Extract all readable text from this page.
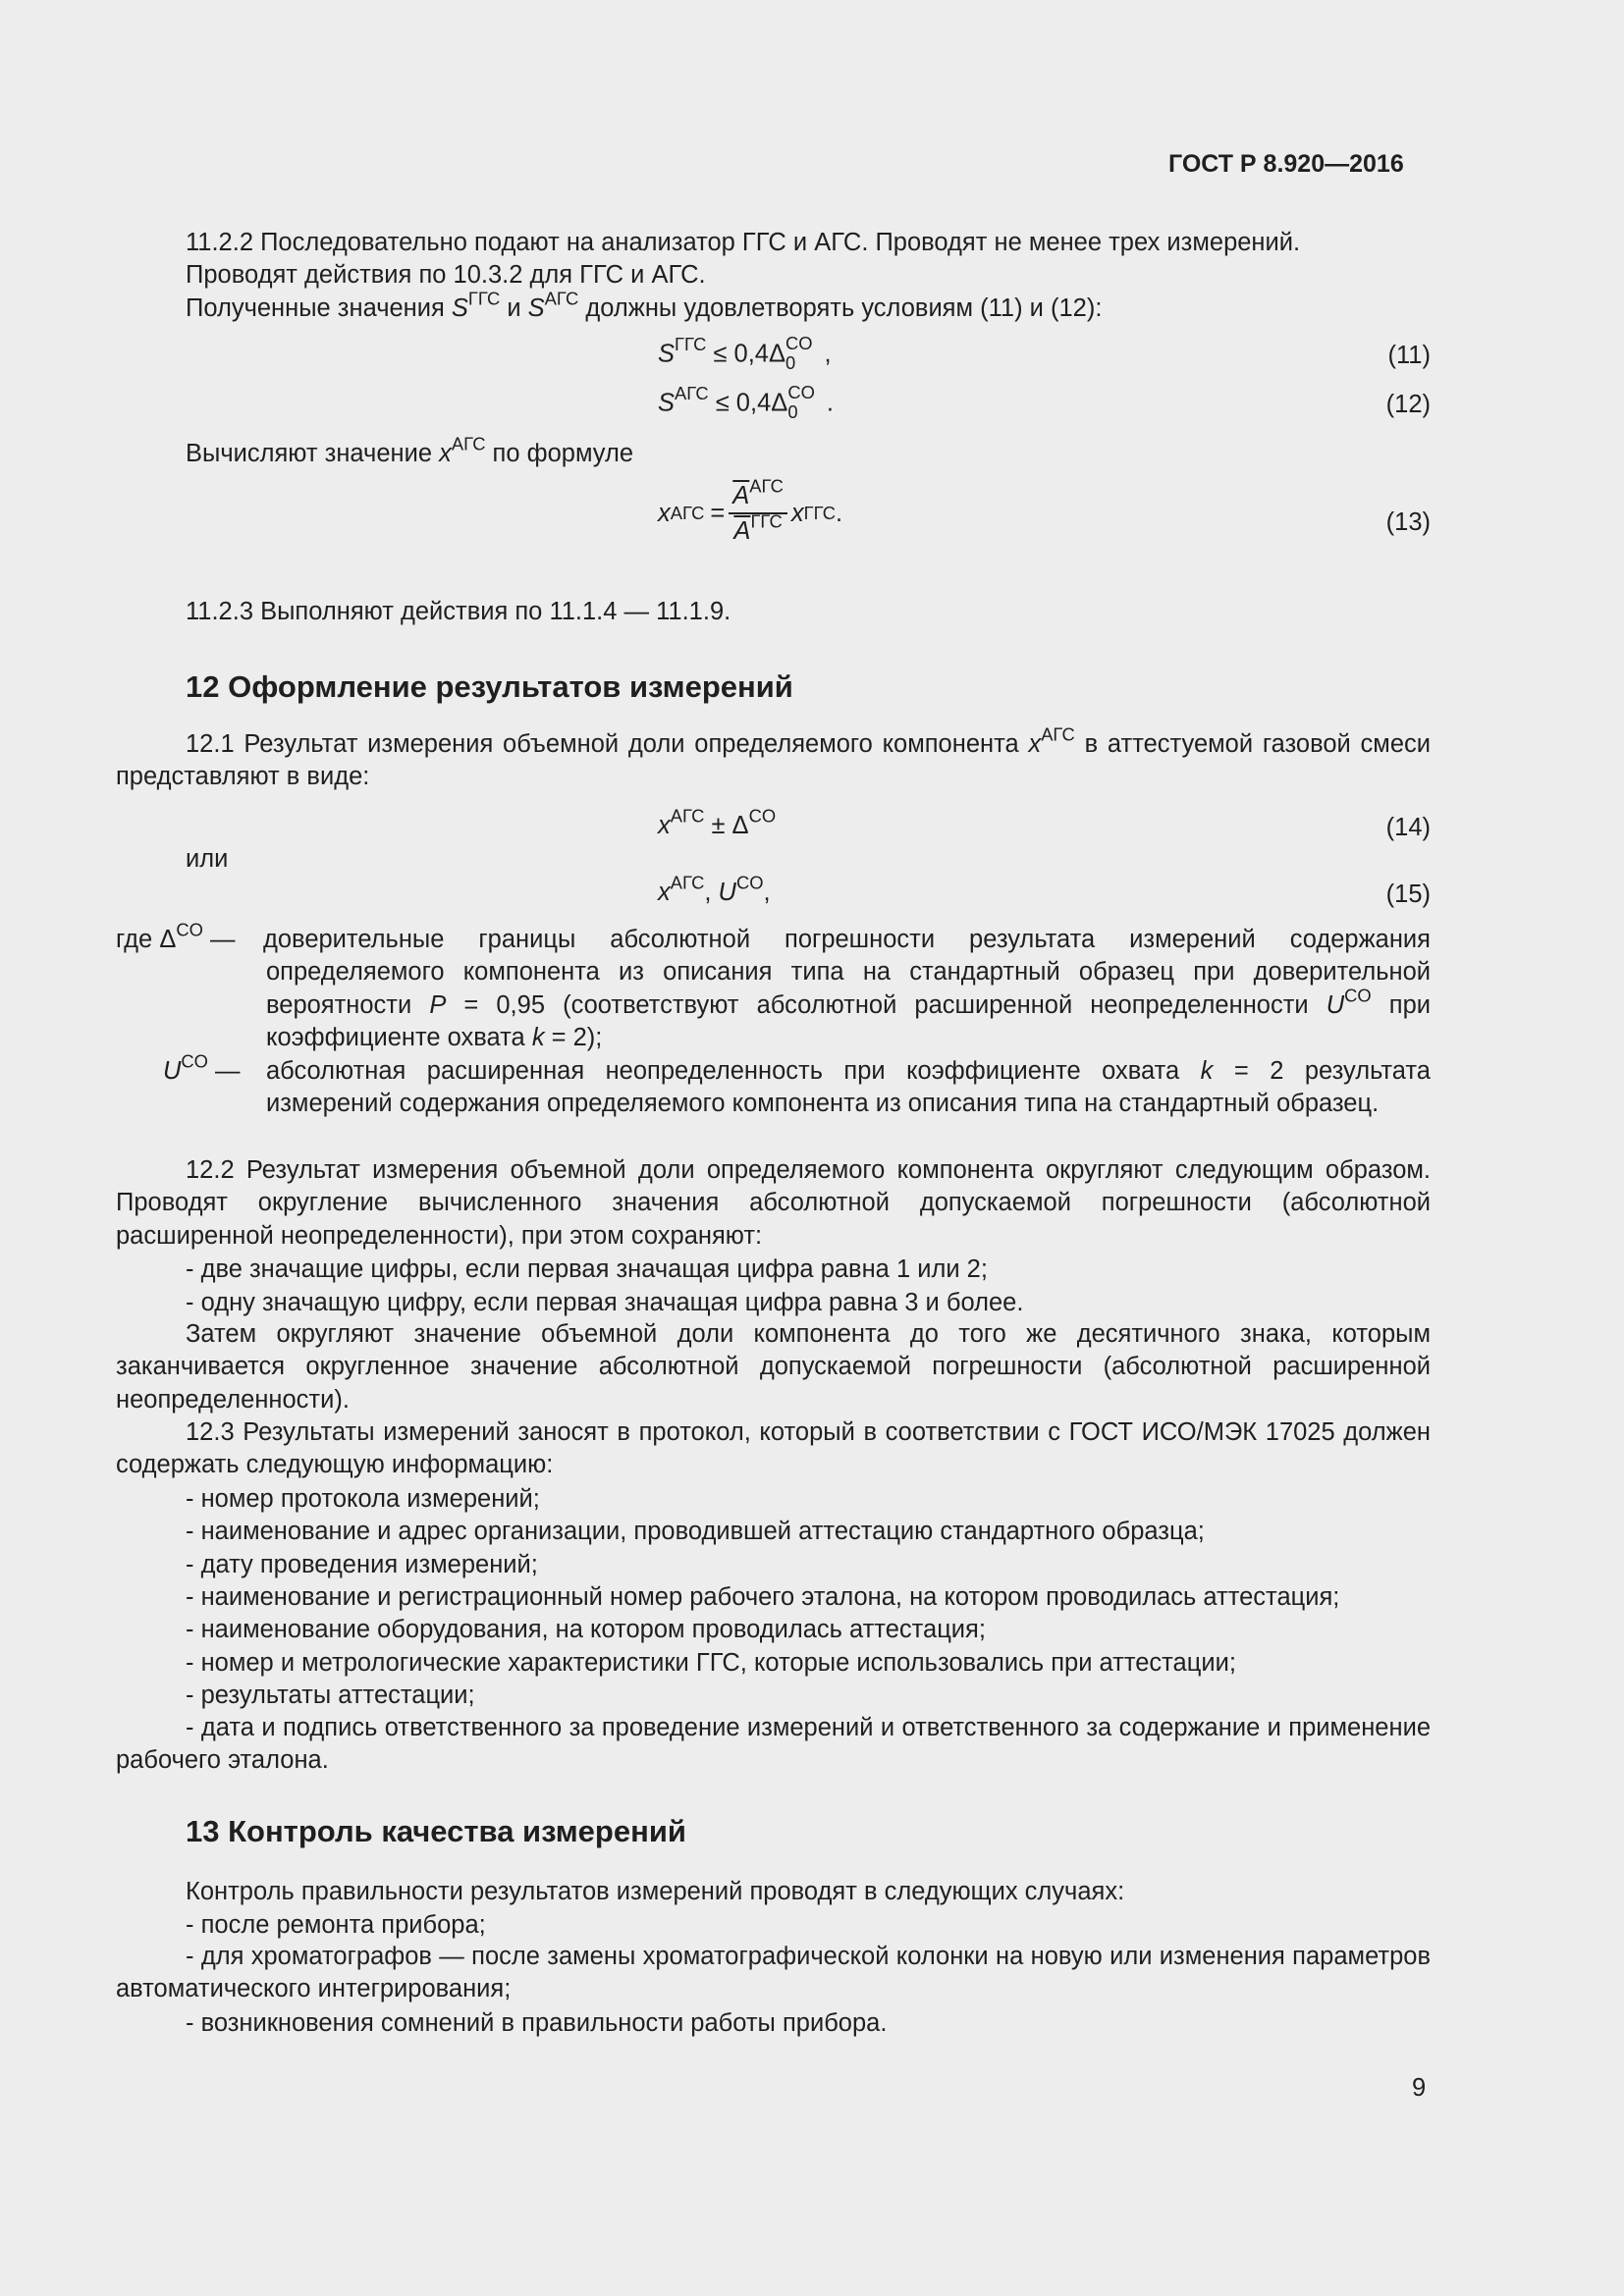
ГОСТ Р 8.920—2016
11.2.2 Последовательно подают на анализатор ГГС и АГС. Проводят не менее трех измерений.
Проводят действия по 10.3.2 для ГГС и АГС.
Полученные значения $S^{ГГС}$ и $S^{АГС}$ должны удовлетворять условиям (11) и (12):
$S^{ГГС} \le 0,4\Delta$ CO
0 ,	(11)
$S^{АГС} \le 0,4\Delta$ CO
0 .	(12)
Вычисляют значение $x^{АГС}$ по формуле
x АГС = $\frac{\overline{A}^{АГС}}{\overline{A}^{ГГС}}$ x ГГС .	(13)
11.2.3 Выполняют действия по 11.1.4 — 11.1.9.
12 Оформление результатов измерений
12.1 Результат измерения объемной доли определяемого компонента $x^{АГС}$ в аттестуемой газовой смеси представляют в виде:
$x^{АГС} \pm \Delta^{CO}$	(14)
или
$x^{АГС}$, $U^{CO}$,	(15)
где $\Delta^{CO}$ — доверительные границы абсолютной погрешности результата измерений содержания определяемого компонента из описания типа на стандартный образец при доверительной вероятности P = 0,95 (соответствуют абсолютной расширенной неопределенности $U^{CO}$ при коэффициенте охвата k = 2);
$U^{CO}$ — абсолютная расширенная неопределенность при коэффициенте охвата k = 2 результата измерений содержания определяемого компонента из описания типа на стандартный образец.
12.2 Результат измерения объемной доли определяемого компонента округляют следующим образом. Проводят округление вычисленного значения абсолютной допускаемой погрешности (абсолютной расширенной неопределенности), при этом сохраняют:
- две значащие цифры, если первая значащая цифра равна 1 или 2;
- одну значащую цифру, если первая значащая цифра равна 3 и более.
Затем округляют значение объемной доли компонента до того же десятичного знака, которым заканчивается округленное значение абсолютной допускаемой погрешности (абсолютной расширенной неопределенности).
12.3 Результаты измерений заносят в протокол, который в соответствии с ГОСТ ИСО/МЭК 17025 должен содержать следующую информацию:
- номер протокола измерений;
- наименование и адрес организации, проводившей аттестацию стандартного образца;
- дату проведения измерений;
- наименование и регистрационный номер рабочего эталона, на котором проводилась аттестация;
- наименование оборудования, на котором проводилась аттестация;
- номер и метрологические характеристики ГГС, которые использовались при аттестации;
- результаты аттестации;
- дата и подпись ответственного за проведение измерений и ответственного за содержание и применение рабочего эталона.
13 Контроль качества измерений
Контроль правильности результатов измерений проводят в следующих случаях:
- после ремонта прибора;
- для хроматографов — после замены хроматографической колонки на новую или изменения параметров автоматического интегрирования;
- возникновения сомнений в правильности работы прибора.
9
